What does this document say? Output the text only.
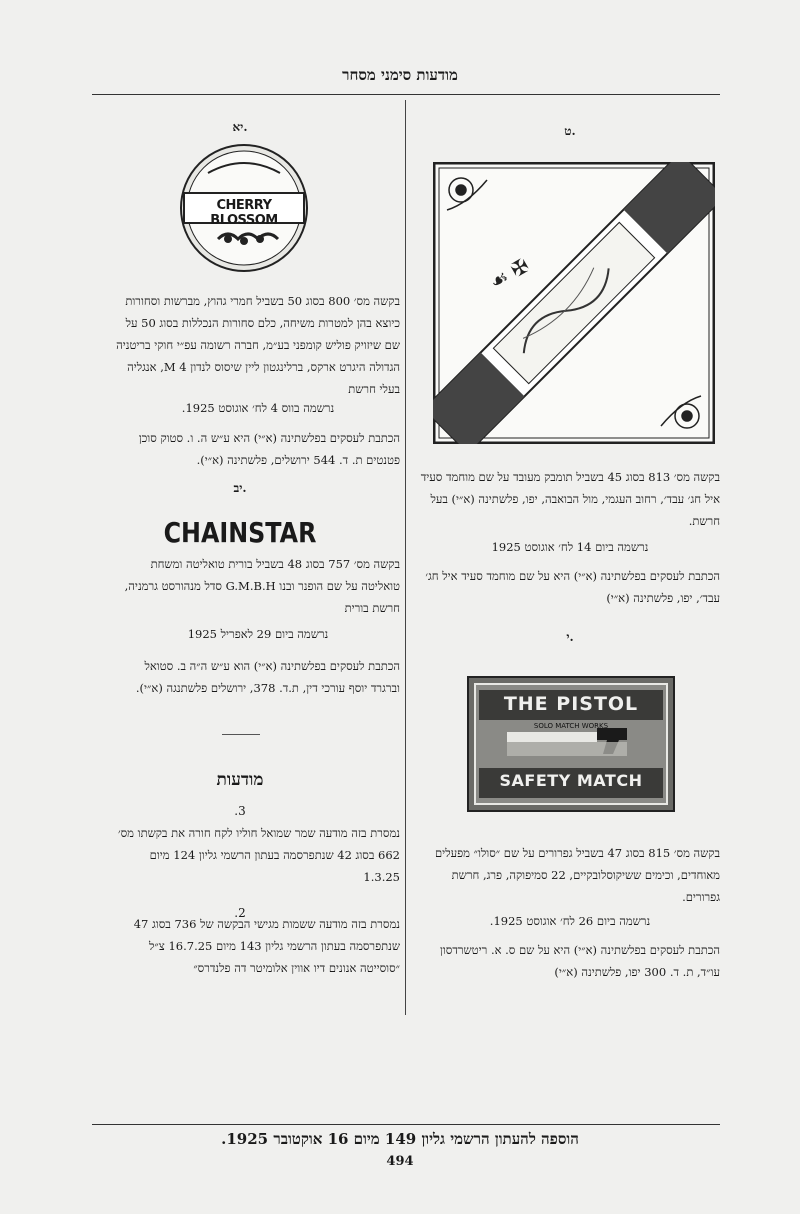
מודעות סימני מסחר
יא.
CHERRY BLOSSOM

בקשה מס׳ 800 בסוג 50 בשביל חמרי גהוץ, מברשות וסחורות כיוצא בהן למטרות משיחה, כלם סחורות הנכללות בסוג 50 על שם שיזויק פוליש קומפני בע״מ, חברה רשומה עפ״י חוקי בריטניה הגדולה היגרט ארקס, ברלינגטון ליין שיסוס לנדון M 4, אנגליה בעלי חרשת

נרשמה בווס 4 לח׳ אוגוסט 1925.

הכתבת לעסקים בפלשתינה (א״י) היא ע״ש ה. ו. סטוק סוכן פטנטים ת. ד. 544 ירושלים, פלשתינה (א״י).

יב.
CHAINSTAR

בקשה מס׳ 757 בסוג 48 בשביל בורית טואליטה ומשחת טואליטה על שם הופנר ובנו G.M.B.H סדל מנהורסט גרמניה, חרשת בורית

נרשמה ביום 29 לאפריל 1925

הכתבת לעסקים בפלשתינה (א״י) הוא ע״ש ה״ה ב. סטואל וברגרד יוסף עורכי דין, ת.ד. 378, ירושלים פלשתנגה (א״י).

מודעות
.3

נמסרת בזה מודעה שמר שמואל חוליו לקח חורה את בקשתו מס׳ 662 בסוג 42 שנתפרסמה בעתון הרשמי גליון 124 מיום 1.3.25

.2

נמסרת בזה מודעה ששמות מגישי הבקשה של 736 בסוג 47 שנתפרסמה בעתון הרשמי גליון 143 מיום 16.7.25 צ״ל ״סוסייטה אנונים דיו אווין אלומיטר דה פלנדרס״

ט.
☙ ✠

בקשה מס׳ 813 בסוג 45 בשביל תומבק מעובד על שם מוחמד סעיד איל חג׳ עבד׳, רחוב העגמי, מול הבואבה, יפו, פלשתינה (א״י) בעל חרשת.

נרשמה ביום 14 לח׳ אוגוסט 1925

הכתבת לעסקים בפלשתינה (א״י) היא על שם מוחמד סעיד איל חג׳ עבד׳, יפו, פלשתינה (א״י)

י.
THE PISTOL
SOLO MATCH WORKS
SAFETY MATCH

בקשה מס׳ 815 בסוג 47 בשביל גפרורים על שם ״סולו״ מפעלים מאוחדים, וכימים ששיקוסלובקיים, 22 סמיפוקה, פרג, חרשת גפרורים.

נרשמה ביום 26 לח׳ אוגוסט 1925.

הכתבת לעסקים בפלשתינה (א״י) היא על שם ס. א. ריטשרדסון עו״ד, ת. ד. 300 יפו, פלשתינה (א״י)

הוספה להעתון הרשמי גליון 149 מיום 16 אוקטובר 1925.
494
